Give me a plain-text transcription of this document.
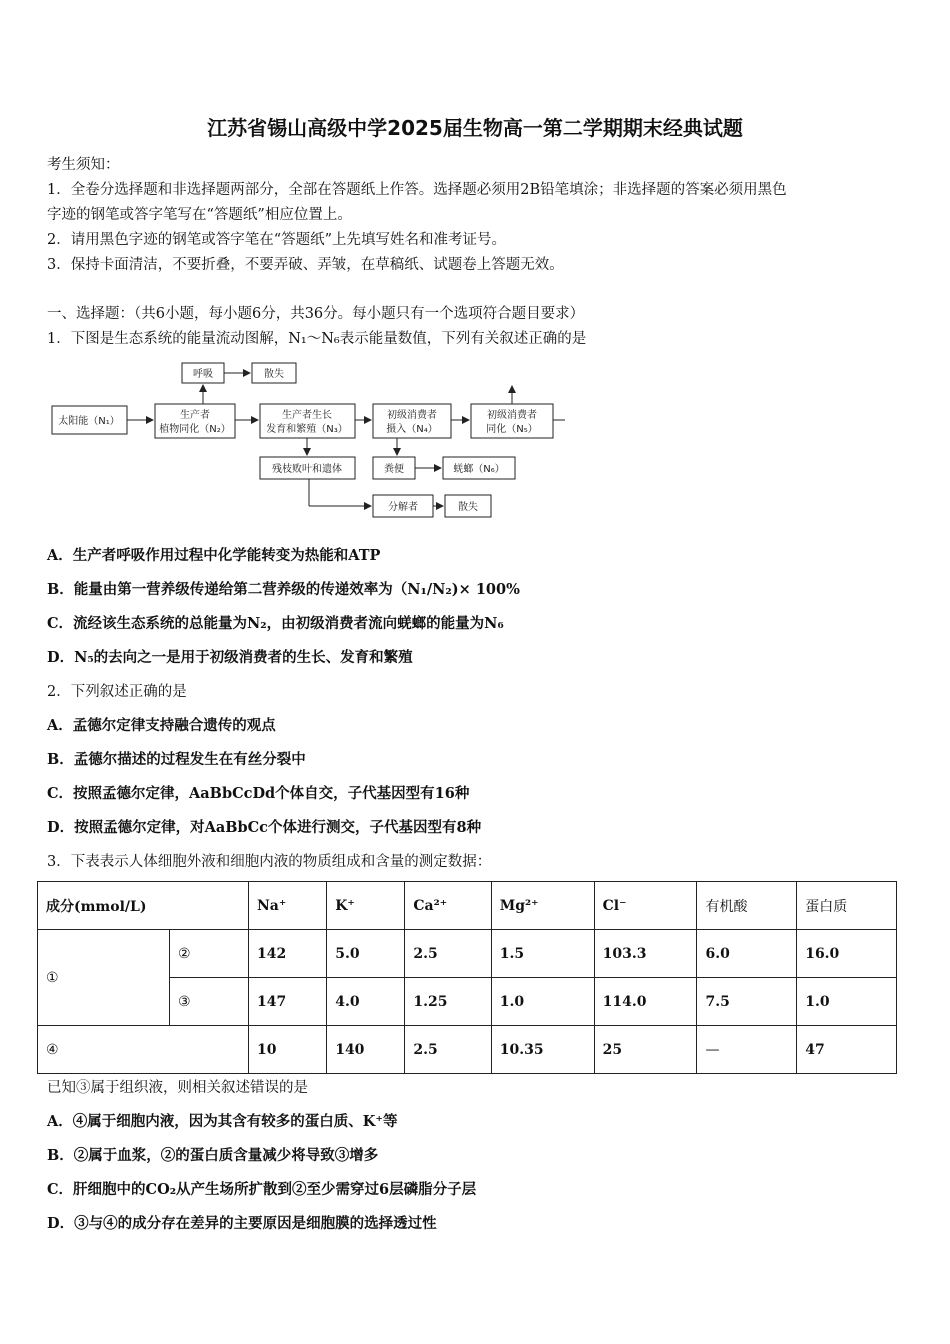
江苏省锡山高级中学2025届生物高一第二学期期末经典试题
考生须知：
1．全卷分选择题和非选择题两部分，全部在答题纸上作答。选择题必须用2B铅笔填涂；非选择题的答案必须用黑色
字迹的钢笔或答字笔写在“答题纸”相应位置上。
2．请用黑色字迹的钢笔或答字笔在“答题纸”上先填写姓名和准考证号。
3．保持卡面清洁，不要折叠，不要弄破、弄皱，在草稿纸、试题卷上答题无效。
一、选择题：（共6小题，每小题6分，共36分。每小题只有一个选项符合题目要求）
1．下图是生态系统的能量流动图解，N₁～N₆表示能量数值，下列有关叙述正确的是
太阳能（N₁）
生产者
植物同化（N₂）
生产者生长
发育和繁殖（N₃）
初级消费者
摄入（N₄）
初级消费者
同化（N₅）
呼吸	散失
残枝败叶和遗体	粪便	蜣螂（N₆）
分解者	散失
A．生产者呼吸作用过程中化学能转变为热能和ATP
B．能量由第一营养级传递给第二营养级的传递效率为（N₁/N₂)× 100%
C．流经该生态系统的总能量为N₂，由初级消费者流向蜣螂的能量为N₆
D．N₅的去向之一是用于初级消费者的生长、发育和繁殖
2．下列叙述正确的是
A．孟德尔定律支持融合遗传的观点
B．孟德尔描述的过程发生在有丝分裂中
C．按照孟德尔定律，AaBbCcDd个体自交，子代基因型有16种
D．按照孟德尔定律，对AaBbCc个体进行测交，子代基因型有8种
3．下表表示人体细胞外液和细胞内液的物质组成和含量的测定数据：
成分(mmol/L)		Na⁺	K⁺	Ca²⁺	Mg²⁺	Cl⁻	有机酸	蛋白质
①	②	142	5.0	2.5	1.5	103.3	6.0	16.0
	③	147	4.0	1.25	1.0	114.0	7.5	1.0
④		10	140	2.5	10.35	25	—	47
已知③属于组织液，则相关叙述错误的是
A．④属于细胞内液，因为其含有较多的蛋白质、K⁺等
B．②属于血浆，②的蛋白质含量减少将导致③增多
C．肝细胞中的CO₂从产生场所扩散到②至少需穿过6层磷脂分子层
D．③与④的成分存在差异的主要原因是细胞膜的选择透过性
